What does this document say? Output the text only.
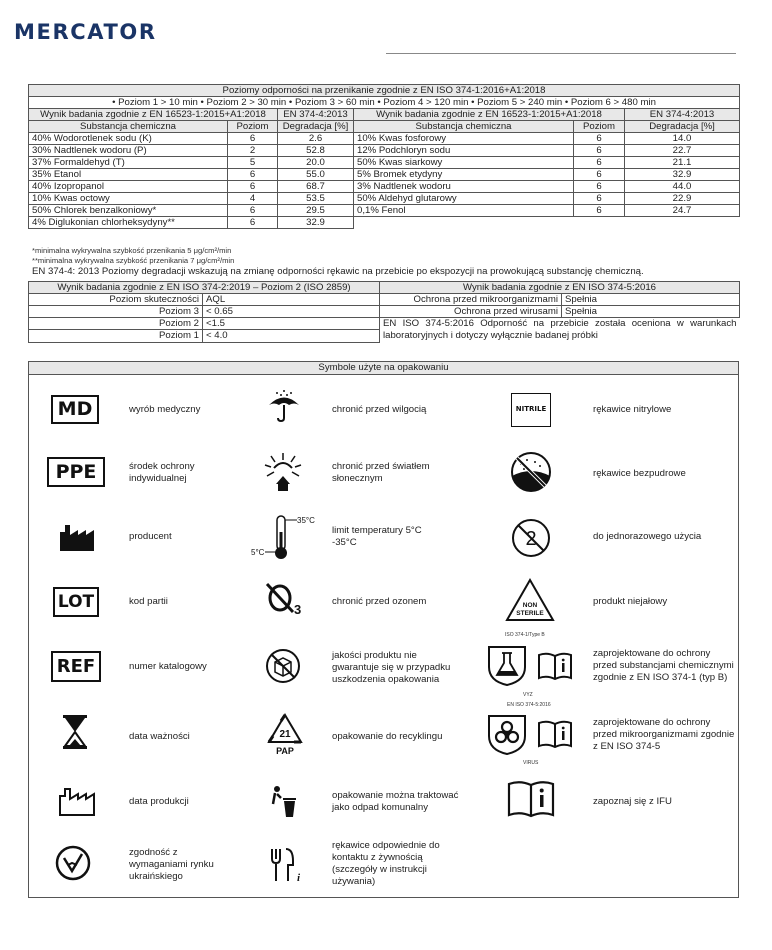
MERCATOR
Poziomy odporności na przenikanie zgodnie z EN ISO 374-1:2016+A1:2018					
• Poziom 1 > 10 min • Poziom 2 > 30 min • Poziom 3 > 60 min • Poziom 4 > 120 min • Poziom 5 > 240 min • Poziom 6 > 480 min					
Wynik badania zgodnie z EN 16523-1:2015+A1:2018		EN 374-4:2013	Wynik badania zgodnie z EN 16523-1:2015+A1:2018		EN 374-4:2013
Substancja chemiczna	Poziom	Degradacja [%]	Substancja chemiczna	Poziom	Degradacja [%]
40% Wodorotlenek sodu (K)	6	2.6	10% Kwas fosforowy	6	14.0
30% Nadtlenek wodoru (P)	2	52.8	12% Podchloryn sodu	6	22.7
37% Formaldehyd (T)	5	20.0	50% Kwas siarkowy	6	21.1
35% Etanol	6	55.0	5% Bromek etydyny	6	32.9
40% Izopropanol	6	68.7	3% Nadtlenek wodoru	6	44.0
10% Kwas octowy	4	53.5	50% Aldehyd glutarowy	6	22.9
50% Chlorek benzalkoniowy*	6	29.5	0,1% Fenol	6	24.7
4% Diglukonian chlorheksydyny**	6	32.9			
*minimalna wykrywalna szybkość przenikania 5 μg/cm²/min
**minimalna wykrywalna szybkość przenikania 7 μg/cm²/min
EN 374-4: 2013 Poziomy degradacji wskazują na zmianę odporności rękawic na przebicie po ekspozycji na prowokującą substancję chemiczną.
Wynik badania zgodnie z EN ISO 374-2:2019 – Poziom 2 (ISO 2859)		Wynik badania zgodnie z EN ISO 374-5:2016	
Poziom skuteczności	AQL	Ochrona przed mikroorganizmami	Spełnia
Poziom 3	< 0.65	Ochrona przed wirusami	Spełnia
Poziom 2	<1.5	EN ISO 374-5:2016 Odporność na przebicie została oceniona w warunkach laboratoryjnych i dotyczy wyłącznie badanej próbki	
Poziom 1	< 4.0		
Symbole użyte na opakowaniu
MD	wyrób medyczny
PPE	środek ochrony indywidualnej
producent
LOT	kod partii
REF	numer katalogowy
data ważności
data produkcji
zgodność z wymaganiami rynku ukraińskiego
chronić przed wilgocią
chronić przed światłem słonecznym
35°C
5°C
limit temperatury 5°C -35°C
3
chronić przed ozonem
jakości produktu nie gwarantuje się w przypadku uszkodzenia opakowania
21
PAP
opakowanie do recyklingu
opakowanie można traktować jako odpad komunalny
i
rękawice odpowiednie do kontaktu z żywnością (szczegóły w instrukcji używania)
NITRILE	rękawice nitrylowe
rękawice bezpudrowe
2	do jednorazowego użycia
NON
STERILE
produkt niejałowy
ISO 374-1/Type B
VYZ
zaprojektowane do ochrony przed substancjami chemicznymi zgodnie z EN ISO 374-1 (typ B)
EN ISO 374-5:2016
VIRUS
zaprojektowane do ochrony przed mikroorganizmami zgodnie z EN ISO 374-5
zapoznaj się z IFU
